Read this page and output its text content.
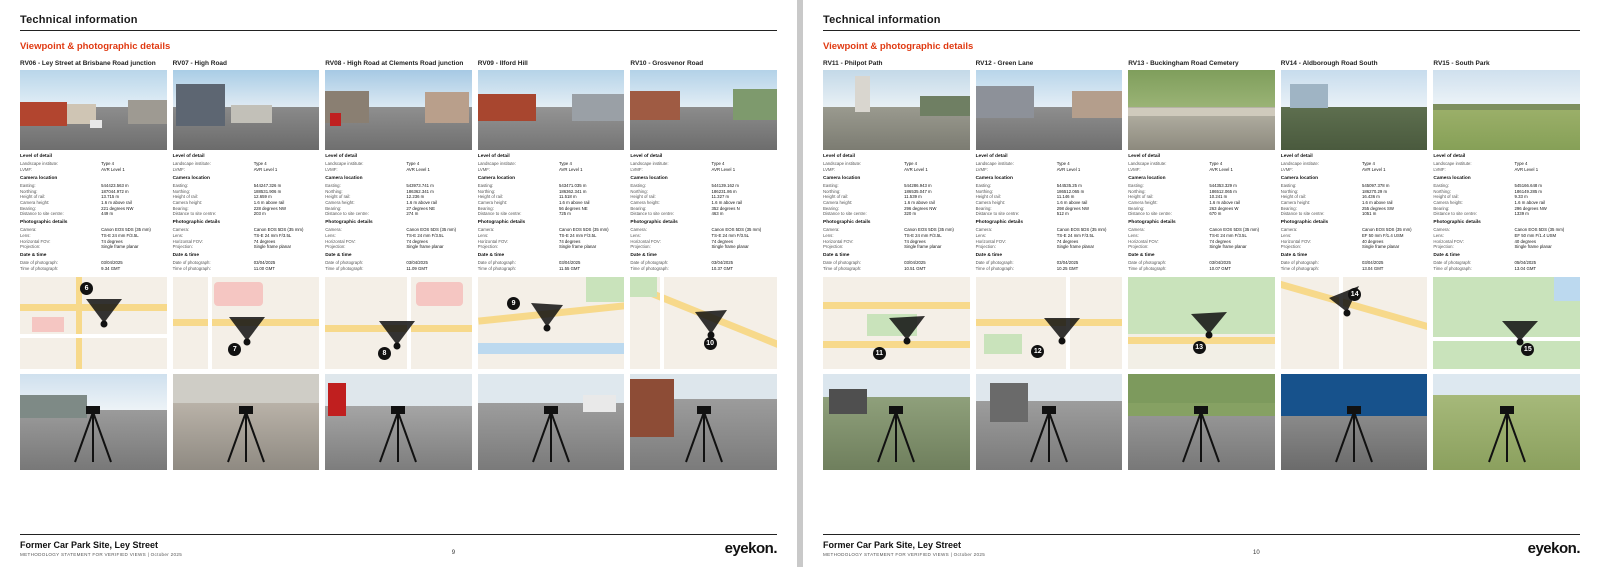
Technical information
Viewpoint & photographic details
RV06 - Ley Street at Brisbane Road junction
Level of detail
Landscape institute:	Type 4
LVMF:	AVR Level 1
Camera location
Easting:	544423.563 m
Northing:	187044.972 m
Height of rail:	13.715 m
Camera height:	1.6 m above rail
Bearing:	221 degrees NW
Distance to site centre:	449 m
Photographic details
Camera:	Canon EOS 5DS (35 mm)
Lens:	TS-E 24 mm F/3.5L
Horizontal FOV:	74 degrees
Projection:	Single frame planar
Date & time
Date of photograph:	03/04/2025
Time of photograph:	9.34 GMT
6
RV07 - High Road
Level of detail
Landscape institute:	Type 4
LVMF:	AVR Level 1
Camera location
Easting:	544247.326 m
Northing:	188531.906 m
Height of rail:	12.659 m
Camera height:	1.6 m above rail
Bearing:	228 degrees NW
Distance to site centre:	203 m
Photographic details
Camera:	Canon EOS 5DS (35 mm)
Lens:	TS-E 24 mm F/3.5L
Horizontal FOV:	74 degrees
Projection:	Single frame planar
Date & time
Date of photograph:	03/04/2025
Time of photograph:	11.00 GMT
7
RV08 - High Road at Clements Road junction
Level of detail
Landscape institute:	Type 4
LVMF:	AVR Level 1
Camera location
Easting:	543973.741 m
Northing:	186362.341 m
Height of rail:	12.236 m
Camera height:	1.6 m above rail
Bearing:	27 degrees NE
Distance to site centre:	274 m
Photographic details
Camera:	Canon EOS 5DS (35 mm)
Lens:	TS-E 24 mm F/3.5L
Horizontal FOV:	74 degrees
Projection:	Single frame planar
Date & time
Date of photograph:	03/04/2025
Time of photograph:	11.09 GMT
8
RV09 - Ilford Hill
Level of detail
Landscape institute:	Type 4
LVMF:	AVR Level 1
Camera location
Easting:	543471.035 m
Northing:	186362.341 m
Height of rail:	11.518 m
Camera height:	1.6 m above rail
Bearing:	56 degrees NE
Distance to site centre:	725 m
Photographic details
Camera:	Canon EOS 5DS (35 mm)
Lens:	TS-E 24 mm F/3.5L
Horizontal FOV:	74 degrees
Projection:	Single frame planar
Date & time
Date of photograph:	03/04/2025
Time of photograph:	11.55 GMT
9
RV10 - Grosvenor Road
Level of detail
Landscape institute:	Type 4
LVMF:	AVR Level 1
Camera location
Easting:	544139.162 m
Northing:	186231.86 m
Height of rail:	11.327 m
Camera height:	1.6 m above rail
Bearing:	352 degrees N
Distance to site centre:	463 m
Photographic details
Camera:	Canon EOS 5DS (35 mm)
Lens:	TS-E 24 mm F/3.5L
Horizontal FOV:	74 degrees
Projection:	Single frame planar
Date & time
Date of photograph:	03/04/2025
Time of photograph:	10.37 GMT
10
Former Car Park Site, Ley Street
METHODOLOGY STATEMENT FOR VERIFIED VIEWS | October 2025	9	eyekon.
Technical information
Viewpoint & photographic details
RV11 - Philpot Path
Level of detail
Landscape institute:	Type 4
LVMF:	AVR Level 1
Camera location
Easting:	544286.943 m
Northing:	186535.047 m
Height of rail:	11.539 m
Camera height:	1.6 m above rail
Bearing:	296 degrees NW
Distance to site centre:	320 m
Photographic details
Camera:	Canon EOS 5DS (35 mm)
Lens:	TS-E 24 mm F/3.5L
Horizontal FOV:	74 degrees
Projection:	Single frame planar
Date & time
Date of photograph:	03/04/2025
Time of photograph:	10.51 GMT
11
RV12 - Green Lane
Level of detail
Landscape institute:	Type 4
LVMF:	AVR Level 1
Camera location
Easting:	544535.25 m
Northing:	186512.065 m
Height of rail:	11.146 m
Camera height:	1.6 m above rail
Bearing:	298 degrees NW
Distance to site centre:	512 m
Photographic details
Camera:	Canon EOS 5DS (35 mm)
Lens:	TS-E 24 mm F/3.5L
Horizontal FOV:	74 degrees
Projection:	Single frame planar
Date & time
Date of photograph:	03/04/2025
Time of photograph:	10.25 GMT
12
RV13 - Buckingham Road Cemetery
Level of detail
Landscape institute:	Type 4
LVMF:	AVR Level 1
Camera location
Easting:	544353.329 m
Northing:	186512.065 m
Height of rail:	10.241 m
Camera height:	1.6 m above rail
Bearing:	263 degrees W
Distance to site centre:	670 m
Photographic details
Camera:	Canon EOS 5DS (35 mm)
Lens:	TS-E 24 mm F/3.5L
Horizontal FOV:	74 degrees
Projection:	Single frame planar
Date & time
Date of photograph:	03/04/2025
Time of photograph:	10.07 GMT
13
RV14 - Aldborough Road South
Level of detail
Landscape institute:	Type 4
LVMF:	AVR Level 1
Camera location
Easting:	545097.378 m
Northing:	186270.29 m
Height of rail:	16.436 m
Camera height:	1.6 m above rail
Bearing:	255 degrees SW
Distance to site centre:	1051 m
Photographic details
Camera:	Canon EOS 5DS (35 mm)
Lens:	EF 50 mm F/1.4 USM
Horizontal FOV:	40 degrees
Projection:	Single frame planar
Date & time
Date of photograph:	03/04/2025
Time of photograph:	13.04 GMT
14
RV15 - South Park
Level of detail
Landscape institute:	Type 4
LVMF:	AVR Level 1
Camera location
Easting:	545166.648 m
Northing:	186149.285 m
Height of rail:	9.33 m
Camera height:	1.6 m above rail
Bearing:	296 degrees NW
Distance to site centre:	1339 m
Photographic details
Camera:	Canon EOS 5DS (35 mm)
Lens:	EF 50 mm F/1.4 USM
Horizontal FOV:	40 degrees
Projection:	Single frame planar
Date & time
Date of photograph:	05/04/2025
Time of photograph:	13.04 GMT
15
Former Car Park Site, Ley Street
METHODOLOGY STATEMENT FOR VERIFIED VIEWS | October 2025	10	eyekon.
